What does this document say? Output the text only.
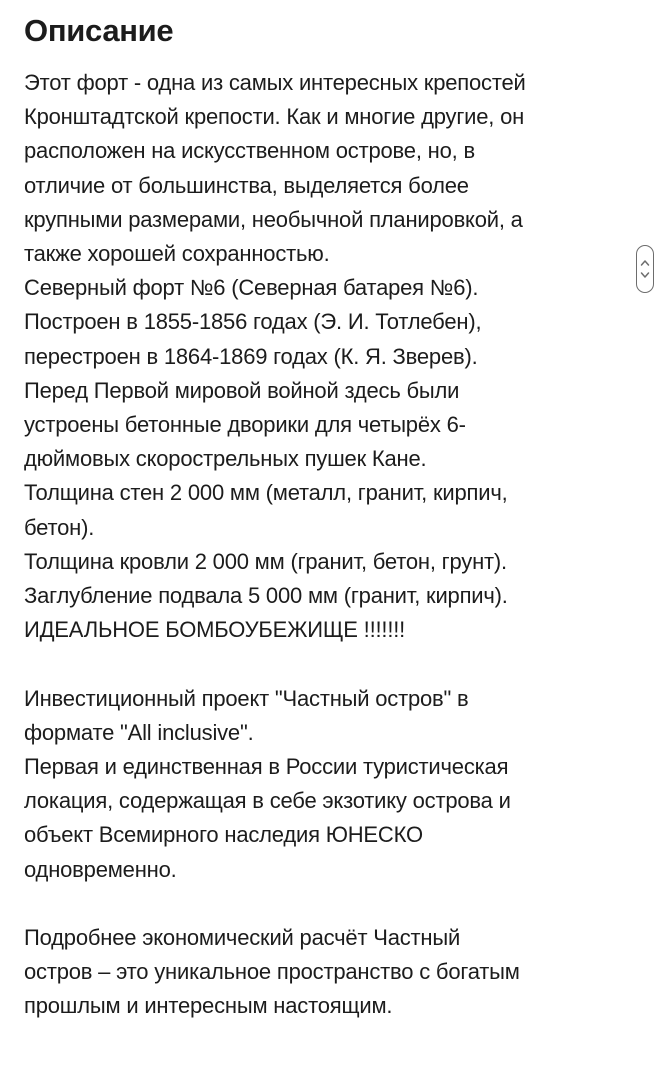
Описание
Этот форт - одна из самых интересных крепостей
Кронштадтской крепости. Как и многие другие, он
расположен на искусственном острове, но, в
отличие от большинства, выделяется более
крупными размерами, необычной планировкой, а
также хорошей сохранностью.
Северный форт №6 (Северная батарея №6).
Построен в 1855-1856 годах (Э. И. Тотлебен),
перестроен в 1864-1869 годах (К. Я. Зверев).
Перед Первой мировой войной здесь были
устроены бетонные дворики для четырёх 6-
дюймовых скорострельных пушек Кане.
Толщина стен 2 000 мм (металл, гранит, кирпич,
бетон).
Толщина кровли 2 000 мм (гранит, бетон, грунт).
Заглубление подвала 5 000 мм (гранит, кирпич).
ИДЕАЛЬНОЕ БОМБОУБЕЖИЩЕ !!!!!!!
Инвестиционный проект "Частный остров" в
формате "All inclusive".
Первая и единственная в России туристическая
локация, содержащая в себе экзотику острова и
объект Всемирного наследия ЮНЕСКО
одновременно.
Подробнее экономический расчёт Частный
остров – это уникальное пространство с богатым
прошлым и интересным настоящим.
